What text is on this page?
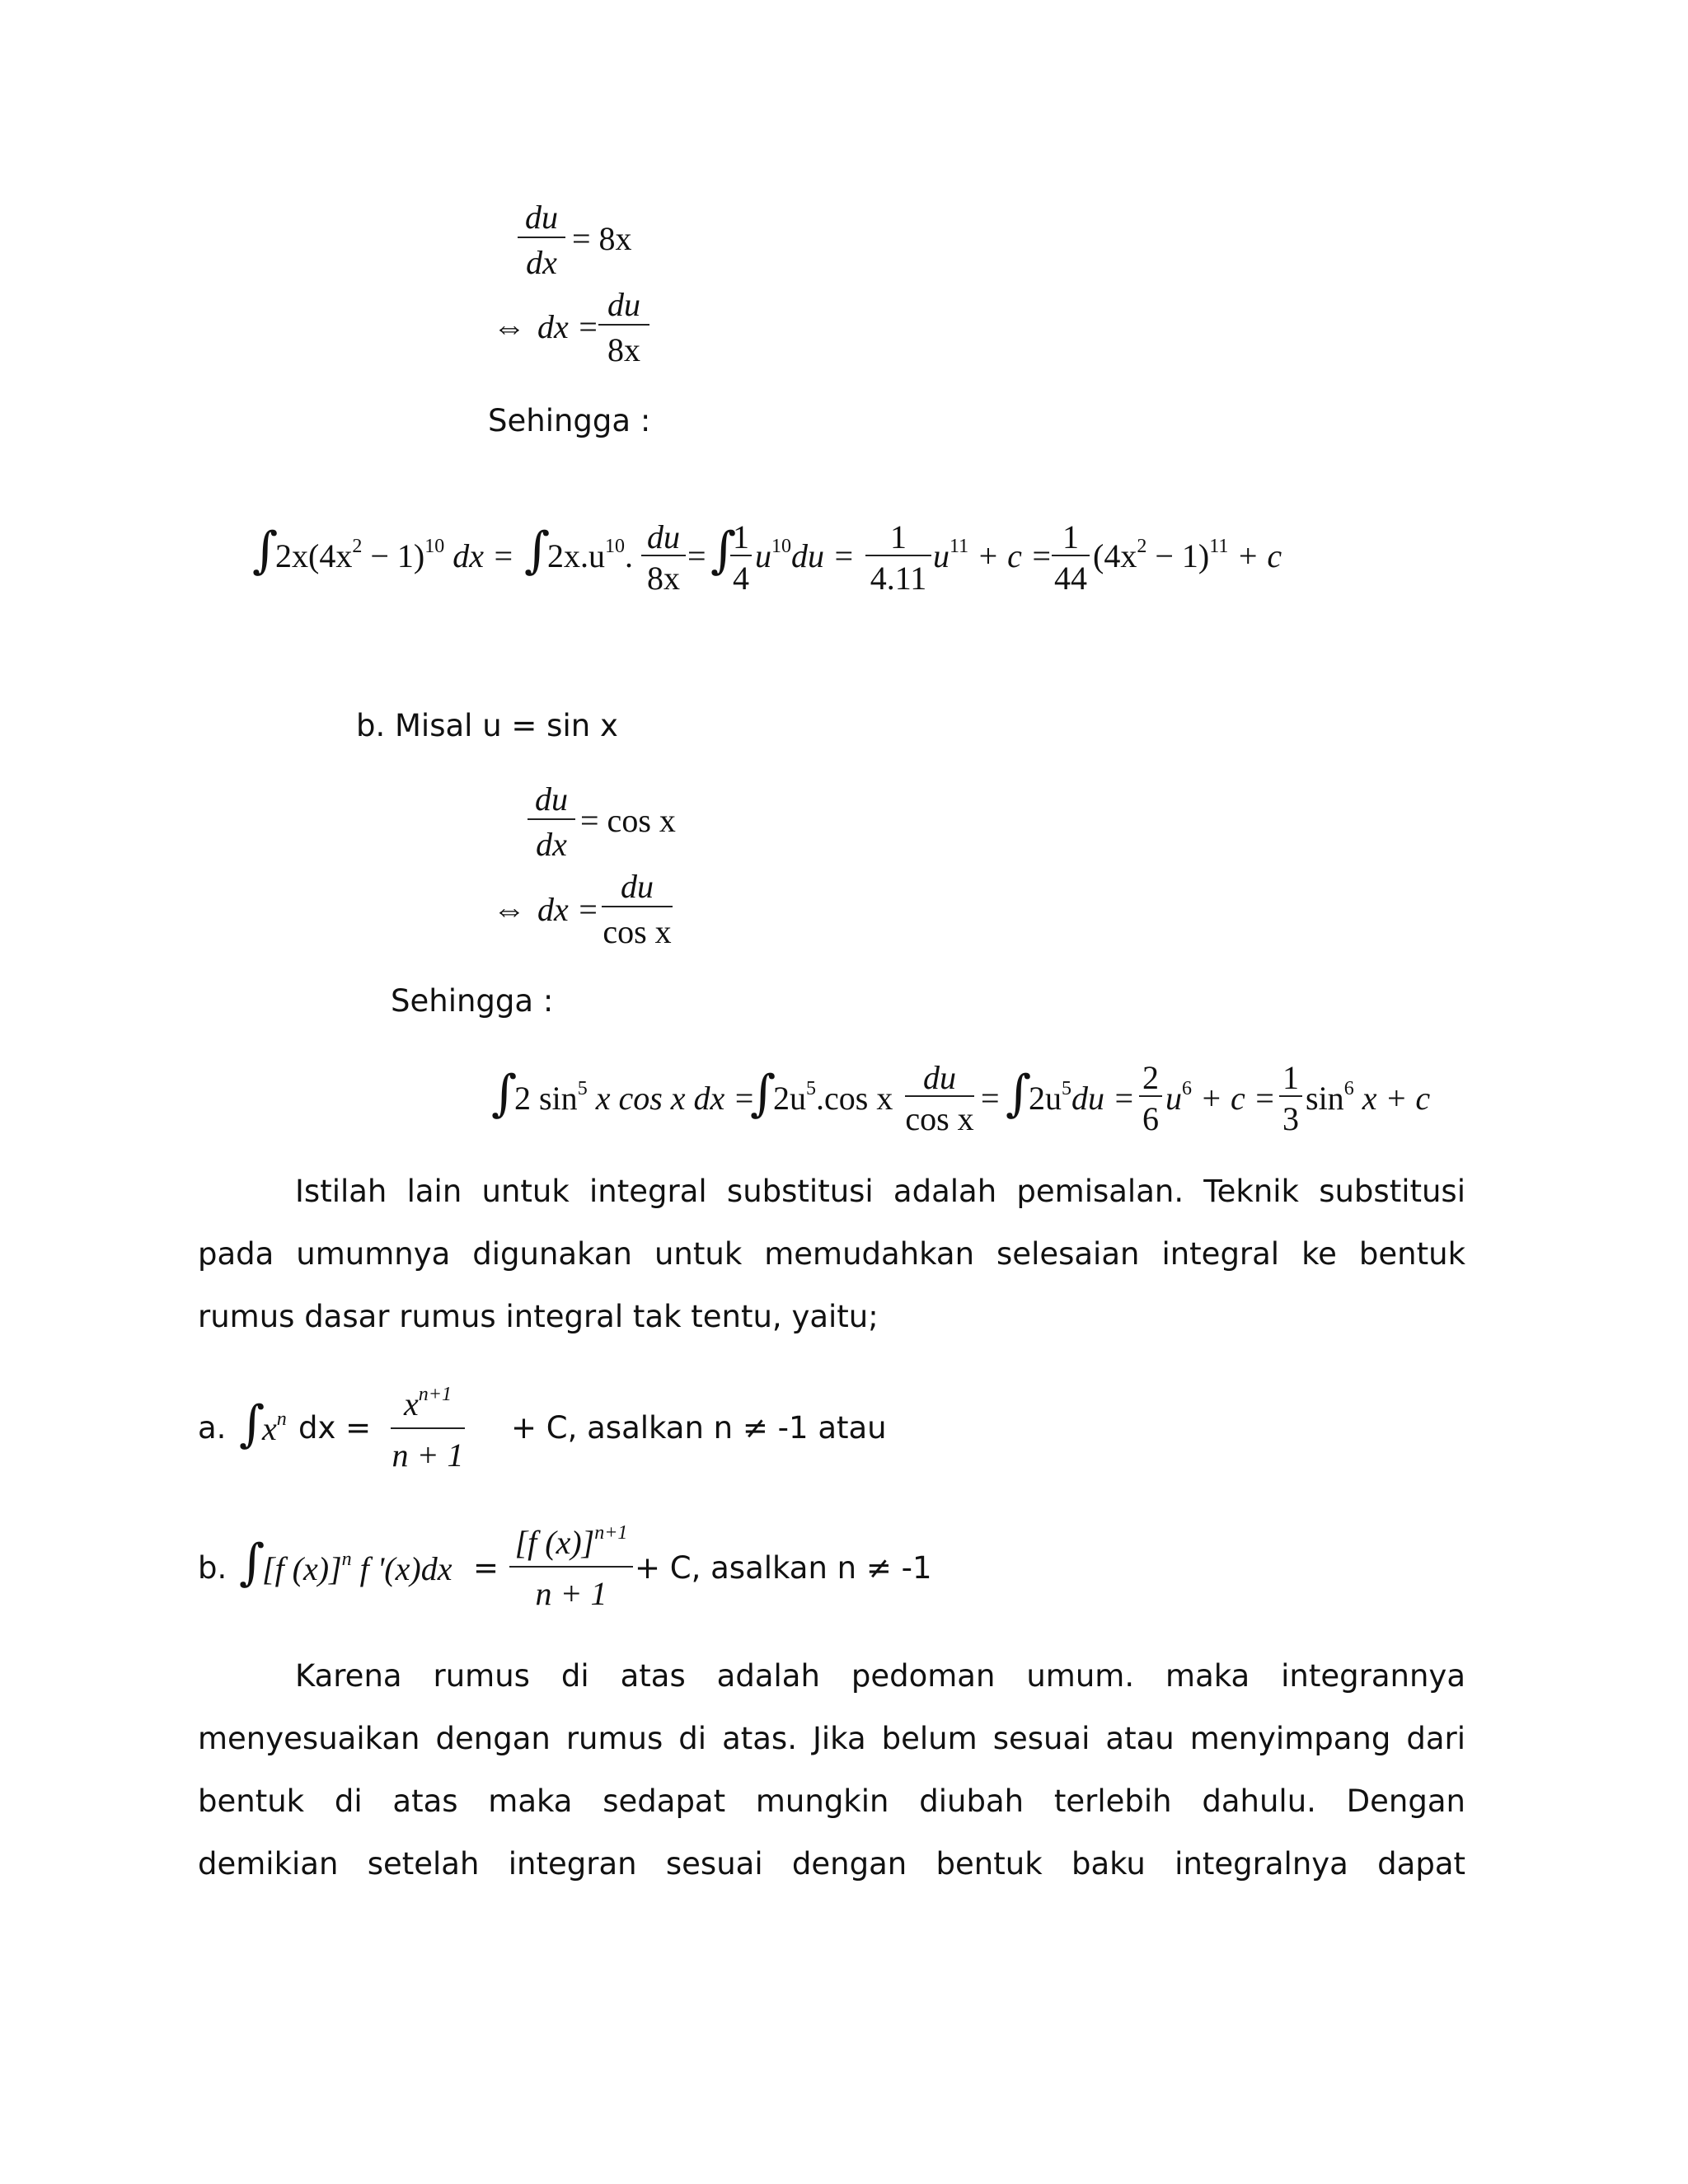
du
dx
= 8x
⇔ dx =
du
8x
Sehingga :
∫
$2x(4x^2 - 1)^{10}$ dx = ∫
$2x.u^{10}$.
du
8x
= ∫
1
4
$u^{10}du$ =
1
4.11
$u^{11} + c$ =
1
44
$(4x^2 - 1)^{11} + c$
b. Misal u = sin x
du
dx
= cos x
⇔ dx =
du
cos x
Sehingga :
∫
2 $\sin^5 x$ cos x dx =
∫
$2u^5.\cos$ x
du
cos x
= ∫
$2u^5du$ =
2
6
$u^6 + c$ =
1
3
$\sin^6 x + c$
Istilah lain untuk integral substitusi adalah pemisalan. Teknik substitusi
pada umumnya digunakan untuk memudahkan selesaian integral ke bentuk
rumus dasar rumus integral tak tentu, yaitu;
a. ∫
$x^n$ dx =
$x^{n+1}$
n + 1
+ C, asalkan n ≠ -1 atau
b. ∫
[f (x)]$^n$ f '(x)dx =
[f (x)]$^{n+1}$
n + 1
+ C, asalkan n ≠ -1
Karena rumus di atas adalah pedoman umum. maka integrannya
menyesuaikan dengan rumus di atas. Jika belum sesuai atau menyimpang dari
bentuk di atas maka sedapat mungkin diubah terlebih dahulu. Dengan
demikian setelah integran sesuai dengan bentuk baku integralnya dapat
